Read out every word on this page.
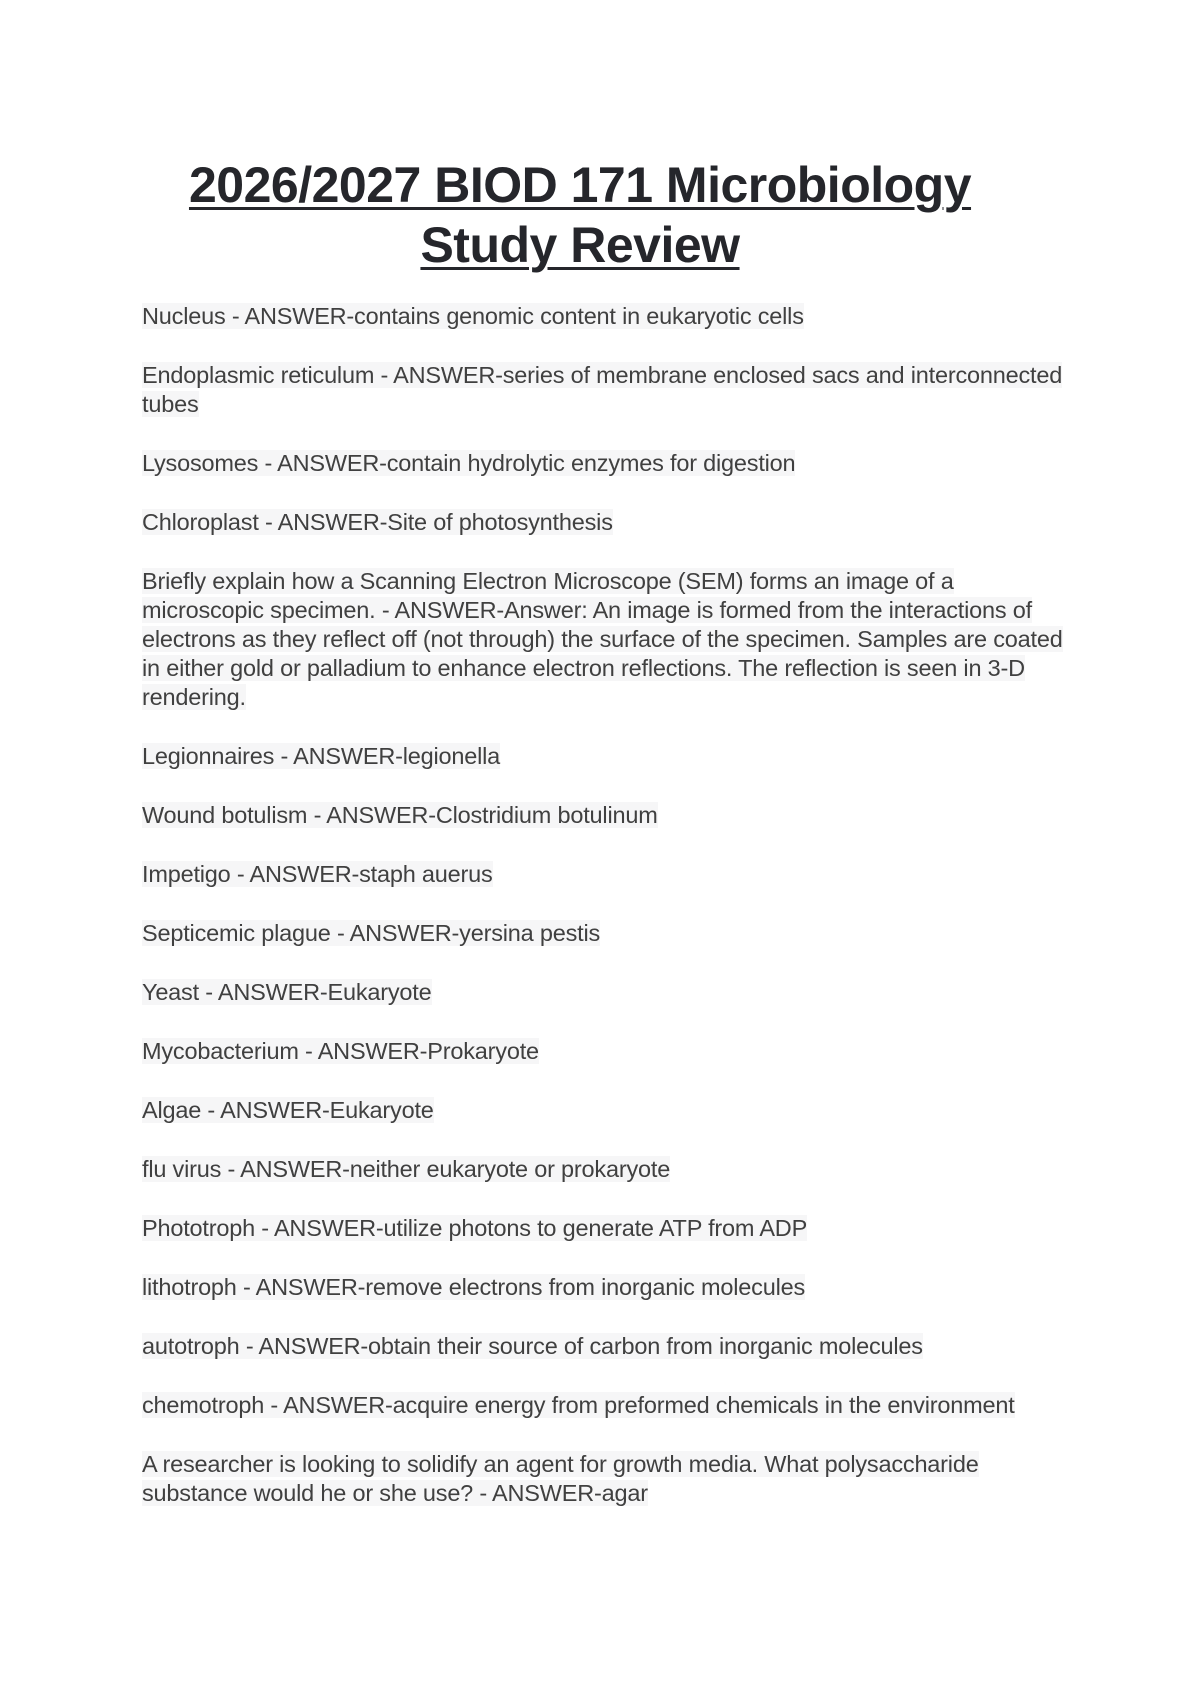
2026/2027 BIOD 171 Microbiology
Study Review

Nucleus - ANSWER-contains genomic content in eukaryotic cells

Endoplasmic reticulum - ANSWER-series of membrane enclosed sacs and interconnected tubes

Lysosomes - ANSWER-contain hydrolytic enzymes for digestion

Chloroplast - ANSWER-Site of photosynthesis

Briefly explain how a Scanning Electron Microscope (SEM) forms an image of a microscopic specimen. - ANSWER-Answer: An image is formed from the interactions of electrons as they reflect off (not through) the surface of the specimen. Samples are coated in either gold or palladium to enhance electron reflections. The reflection is seen in 3-D rendering.

Legionnaires - ANSWER-legionella

Wound botulism - ANSWER-Clostridium botulinum

Impetigo - ANSWER-staph auerus

Septicemic plague - ANSWER-yersina pestis

Yeast - ANSWER-Eukaryote

Mycobacterium - ANSWER-Prokaryote

Algae - ANSWER-Eukaryote

flu virus - ANSWER-neither eukaryote or prokaryote

Phototroph - ANSWER-utilize photons to generate ATP from ADP

lithotroph - ANSWER-remove electrons from inorganic molecules

autotroph - ANSWER-obtain their source of carbon from inorganic molecules

chemotroph - ANSWER-acquire energy from preformed chemicals in the environment

A researcher is looking to solidify an agent for growth media. What polysaccharide substance would he or she use? - ANSWER-agar
